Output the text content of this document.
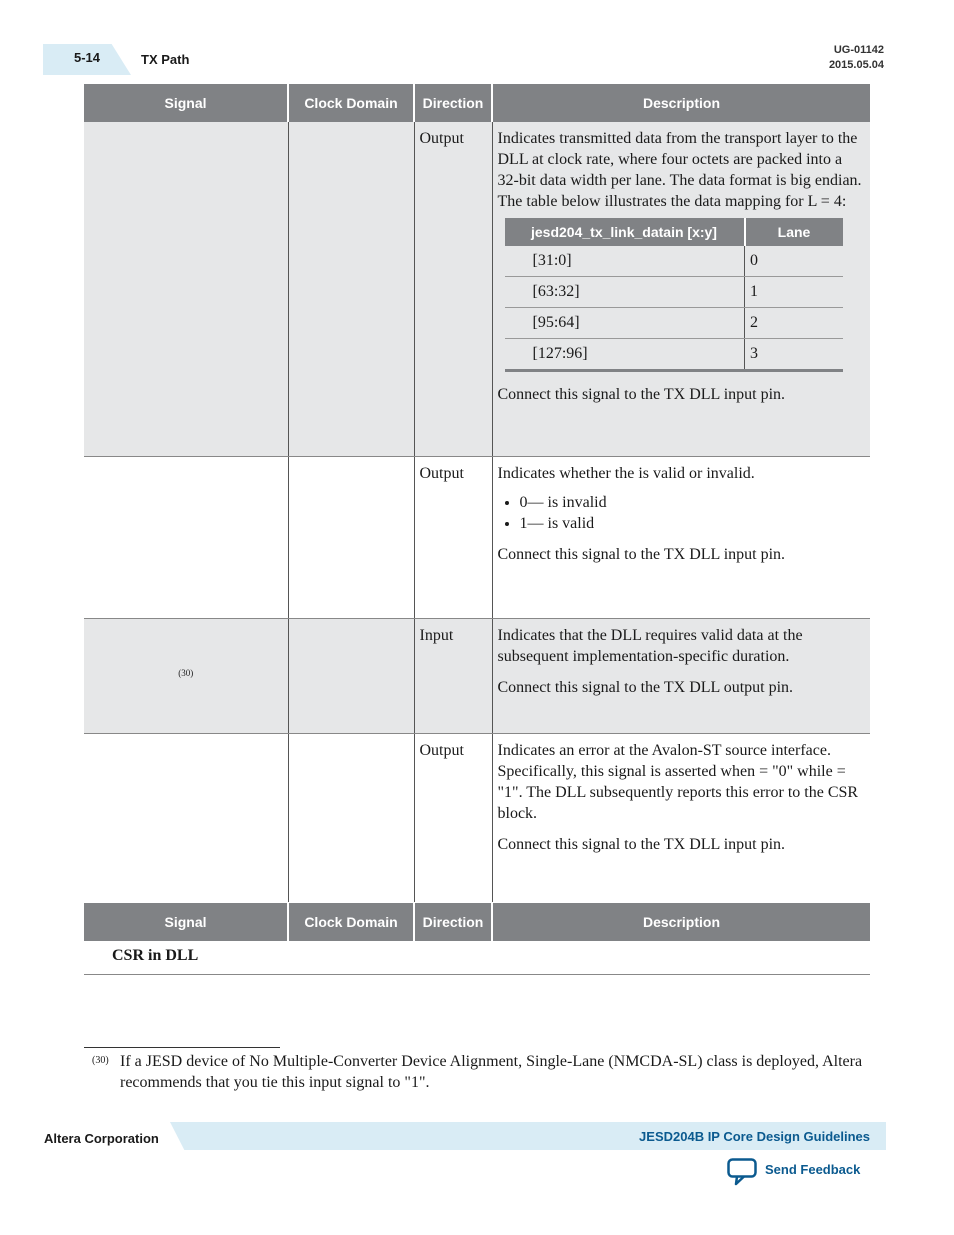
5-14	TX Path
UG-01142
2015.05.04
Signal	Clock Domain	Direction	Description
		Output	Indicates transmitted data from the transport layer to the DLL at clock rate, where four octets are packed into a 32-bit data width per lane. The data format is big endian. The table below illustrates the data mapping for L = 4:

jesd204_tx_link_datain [x:y]	Lane
[31:0]	0
[63:32]	1
[95:64]	2
[127:96]	3

Connect this signal to the TX DLL input pin.

		Output	Indicates whether the is valid or invalid.

• 0— is invalid
• 1— is valid

Connect this signal to the TX DLL input pin.

$^{(30)}$		Input	Indicates that the DLL requires valid data at the subsequent implementation-specific duration.

Connect this signal to the TX DLL output pin.

		Output	Indicates an error at the Avalon-ST source interface. Specifically, this signal is asserted when = "0" while = "1". The DLL subsequently reports this error to the CSR block.

Connect this signal to the TX DLL input pin.

Signal	Clock Domain	Direction	Description
CSR in DLL
(30) If a JESD device of No Multiple-Converter Device Alignment, Single-Lane (NMCDA-SL) class is deployed, Altera recommends that you tie this input signal to "1".
Altera Corporation	JESD204B IP Core Design Guidelines
Send Feedback
